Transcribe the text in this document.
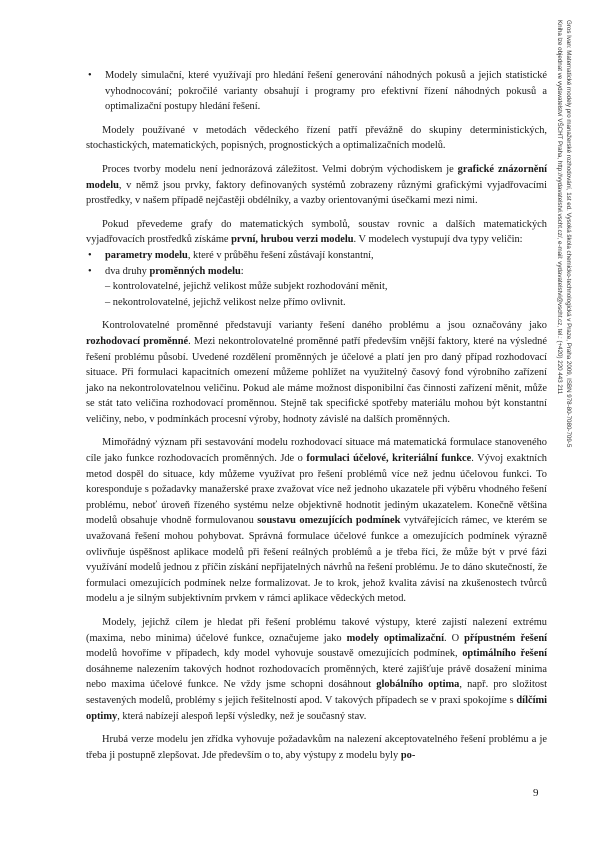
• Modely simulační, které využívají pro hledání řešení generování náhodných pokusů a jejich statistické vyhodnocování; pokročilé varianty obsahují i programy pro efektivní řízení náhodných pokusů a optimalizační postupy hledání řešení.

Modely používané v metodách vědeckého řízení patří převážně do skupiny deterministických, stochastických, matematických, popisných, prognostických a optimalizačních modelů.

Proces tvorby modelu není jednorázová záležitost. Velmi dobrým východiskem je grafické znázornění modelu, v němž jsou prvky, faktory definovaných systémů zobrazeny různými grafickými vyjadřovacími prostředky, v našem případě nejčastěji obdélníky, a vazby orientovanými úsečkami mezi nimi.

Pokud převedeme grafy do matematických symbolů, soustav rovnic a dalších matematických vyjadřovacích prostředků získáme první, hrubou verzi modelu. V modelech vystupují dva typy veličin:

• parametry modelu, které v průběhu řešení zůstávají konstantní,
• dva druhy proměnných modelu:
– kontrolovatelné, jejichž velikost může subjekt rozhodování měnit,
– nekontrolovatelné, jejichž velikost nelze přímo ovlivnit.

Kontrolovatelné proměnné představují varianty řešení daného problému a jsou označovány jako rozhodovací proměnné. Mezi nekontrolovatelné proměnné patří především vnější faktory, které na výsledné řešení problému působí. Uvedené rozdělení proměnných je účelové a platí jen pro daný případ rozhodovací situace. Při formulaci kapacitních omezení můžeme pohlížet na využitelný časový fond výrobního zařízení jako na nekontrolovatelnou veličinu. Pokud ale máme možnost disponibilní čas činnosti zařízení měnit, může se stát tato veličina rozhodovací proměnnou. Stejně tak specifické spotřeby materiálu mohou být konstantní veličiny, nebo, v podmínkách procesní výroby, hodnoty závislé na dalších proměnných.

Mimořádný význam při sestavování modelu rozhodovací situace má matematická formulace stanoveného cíle jako funkce rozhodovacích proměnných. Jde o formulaci účelové, kriteriální funkce. Vývoj exaktních metod dospěl do situace, kdy můžeme využívat pro řešení problémů více než jednu účelovou funkci. To koresponduje s požadavky manažerské praxe zvažovat více než jednoho ukazatele při výběru vhodného řešení problému, neboť úroveň řízeného systému nelze objektivně hodnotit jediným ukazatelem. Konečně většina modelů obsahuje vhodně formulovanou soustavu omezujících podmínek vytvářejících rámec, ve kterém se uvažovaná řešení mohou pohybovat. Správná formulace účelové funkce a omezujících podmínek výrazně ovlivňuje úspěšnost aplikace modelů při řešení reálných problémů a je třeba říci, že může být v prvé fázi využívání modelů jednou z příčin získání nepřijatelných návrhů na řešení problému. Je to dáno skutečností, že formulaci omezujících podmínek nelze formalizovat. Je to krok, jehož kvalita závisí na zkušenostech tvůrců modelu a je silným subjektivním prvkem v rámci aplikace vědeckých metod.

Modely, jejichž cílem je hledat při řešení problému takové výstupy, které zajistí nalezení extrému (maxima, nebo minima) účelové funkce, označujeme jako modely optimalizační. O přípustném řešení modelů hovoříme v případech, kdy model vyhovuje soustavě omezujících podmínek, optimálního řešení dosáhneme nalezením takových hodnot rozhodovacích proměnných, které zajišťuje právě dosažení minima nebo maxima účelové funkce. Ne vždy jsme schopni dosáhnout globálního optima, např. pro složitost sestavených modelů, problémy s jejich řešitelností apod. V takových případech se v praxi spokojíme s dílčími optimy, která nabízejí alespoň lepší výsledky, než je současný stav.

Hrubá verze modelu jen zřídka vyhovuje požadavkům na nalezení akceptovatelného řešení problému a je třeba ji postupně zlepšovat. Jde především o to, aby výstupy z modelu byly po-

9
Gros Ivan: Matematické modely pro manažerské rozhodování, 1st ed. Vysoká škola chemicko-technologická v Praze, Praha 2009, ISBN 978-80-7080-709-5
Kniha lze objednat ve vydavatelství VŠCHT Praha, http://vydavatelstvi.vscht.cz/, e-mail: vydavatelstvi@vscht.cz, tel.: (+420) 220 443 211
